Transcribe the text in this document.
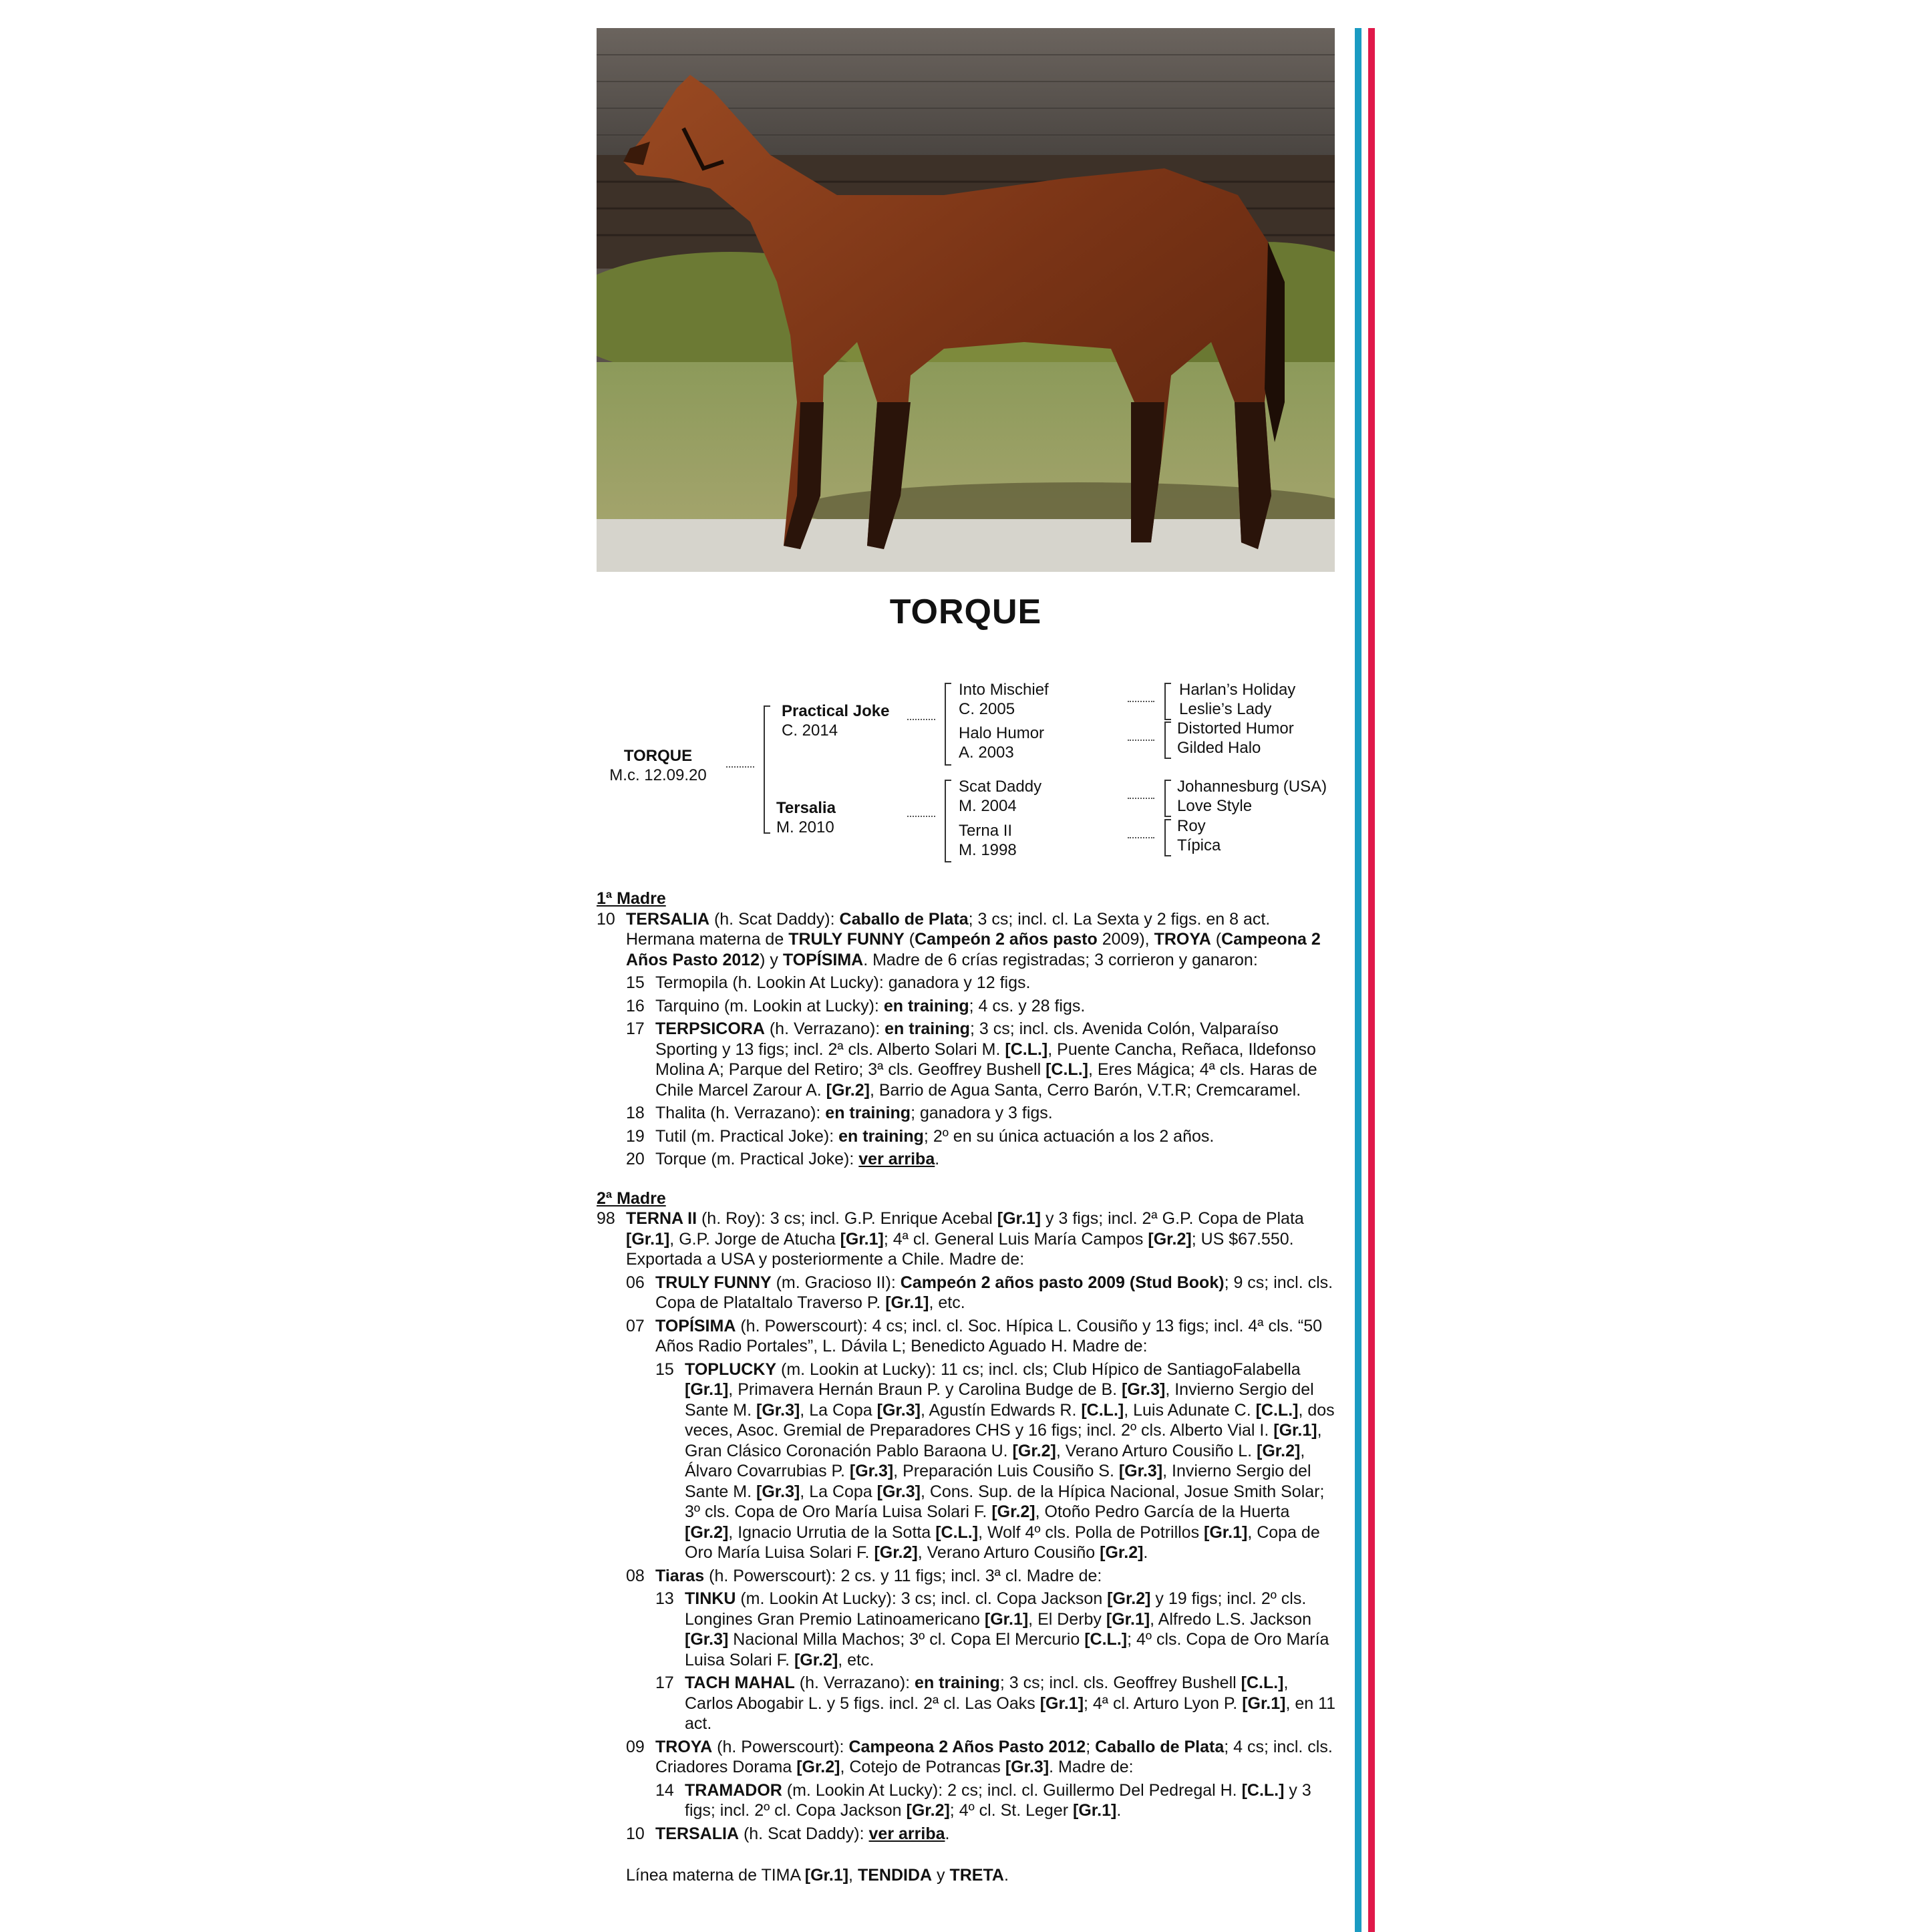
TORQUE
TORQUE
M.c. 12.09.20
Practical Joke
C. 2014
Tersalia
M. 2010
Into Mischief
C. 2005
Halo Humor
A. 2003
Scat Daddy
M. 2004
Terna II
M. 1998
Harlan’s Holiday
Leslie’s Lady
Distorted Humor
Gilded Halo
Johannesburg (USA)
Love Style
Roy
Típica
1ª Madre
10 TERSALIA (h. Scat Daddy): Caballo de Plata; 3 cs; incl. cl. La Sexta y 2 figs. en 8 act. Hermana materna de TRULY FUNNY (Campeón 2 años pasto 2009), TROYA (Campeona 2 Años Pasto 2012) y TOPÍSIMA. Madre de 6 crías registradas; 3 corrieron y ganaron:
15 Termopila (h. Lookin At Lucky): ganadora y 12 figs.
16 Tarquino (m. Lookin at Lucky): en training; 4 cs. y 28 figs.
17 TERPSICORA (h. Verrazano): en training; 3 cs; incl. cls. Avenida Colón, Valparaíso Sporting y 13 figs; incl. 2ª cls. Alberto Solari M. [C.L.], Puente Cancha, Reñaca, Ildefonso Molina A; Parque del Retiro; 3ª cls. Geoffrey Bushell [C.L.], Eres Mágica; 4ª cls. Haras de Chile Marcel Zarour A. [Gr.2], Barrio de Agua Santa, Cerro Barón, V.T.R; Cremcaramel.
18 Thalita (h. Verrazano): en training; ganadora y 3 figs.
19 Tutil (m. Practical Joke): en training; 2º en su única actuación a los 2 años.
20 Torque (m. Practical Joke): ver arriba.
2ª Madre
98 TERNA II (h. Roy): 3 cs; incl. G.P. Enrique Acebal [Gr.1] y 3 figs; incl. 2ª G.P. Copa de Plata [Gr.1], G.P. Jorge de Atucha [Gr.1]; 4ª cl. General Luis María Campos [Gr.2]; US $67.550. Exportada a USA y posteriormente a Chile. Madre de:
06 TRULY FUNNY (m. Gracioso II): Campeón 2 años pasto 2009 (Stud Book); 9 cs; incl. cls. Copa de PlataItalo Traverso P. [Gr.1], etc.
07 TOPÍSIMA (h. Powerscourt): 4 cs; incl. cl. Soc. Hípica L. Cousiño y 13 figs; incl. 4ª cls. “50 Años Radio Portales”, L. Dávila L; Benedicto Aguado H. Madre de:
15 TOPLUCKY (m. Lookin at Lucky): 11 cs; incl. cls; Club Hípico de SantiagoFalabella [Gr.1], Primavera Hernán Braun P. y Carolina Budge de B. [Gr.3], Invierno Sergio del Sante M. [Gr.3], La Copa [Gr.3], Agustín Edwards R. [C.L.], Luis Adunate C. [C.L.], dos veces, Asoc. Gremial de Preparadores CHS y 16 figs; incl. 2º cls. Alberto Vial I. [Gr.1], Gran Clásico Coronación Pablo Baraona U. [Gr.2], Verano Arturo Cousiño L. [Gr.2], Álvaro Covarrubias P. [Gr.3], Preparación Luis Cousiño S. [Gr.3], Invierno Sergio del Sante M. [Gr.3], La Copa [Gr.3], Cons. Sup. de la Hípica Nacional, Josue Smith Solar; 3º cls. Copa de Oro María Luisa Solari F. [Gr.2], Otoño Pedro García de la Huerta [Gr.2], Ignacio Urrutia de la Sotta [C.L.], Wolf 4º cls. Polla de Potrillos [Gr.1], Copa de Oro María Luisa Solari F. [Gr.2], Verano Arturo Cousiño [Gr.2].
08 Tiaras (h. Powerscourt): 2 cs. y 11 figs; incl. 3ª cl. Madre de:
13 TINKU (m. Lookin At Lucky): 3 cs; incl. cl. Copa Jackson [Gr.2] y 19 figs; incl. 2º cls. Longines Gran Premio Latinoamericano [Gr.1], El Derby [Gr.1], Alfredo L.S. Jackson [Gr.3] Nacional Milla Machos; 3º cl. Copa El Mercurio [C.L.]; 4º cls. Copa de Oro María Luisa Solari F. [Gr.2], etc.
17 TACH MAHAL (h. Verrazano): en training; 3 cs; incl. cls. Geoffrey Bushell [C.L.], Carlos Abogabir L. y 5 figs. incl. 2ª cl. Las Oaks [Gr.1]; 4ª cl. Arturo Lyon P. [Gr.1], en 11 act.
09 TROYA (h. Powerscourt): Campeona 2 Años Pasto 2012; Caballo de Plata; 4 cs; incl. cls. Criadores Dorama [Gr.2], Cotejo de Potrancas [Gr.3]. Madre de:
14 TRAMADOR (m. Lookin At Lucky): 2 cs; incl. cl. Guillermo Del Pedregal H. [C.L.] y 3 figs; incl. 2º cl. Copa Jackson [Gr.2]; 4º cl. St. Leger [Gr.1].
10 TERSALIA (h. Scat Daddy): ver arriba.
Línea materna de TIMA [Gr.1], TENDIDA y TRETA.
